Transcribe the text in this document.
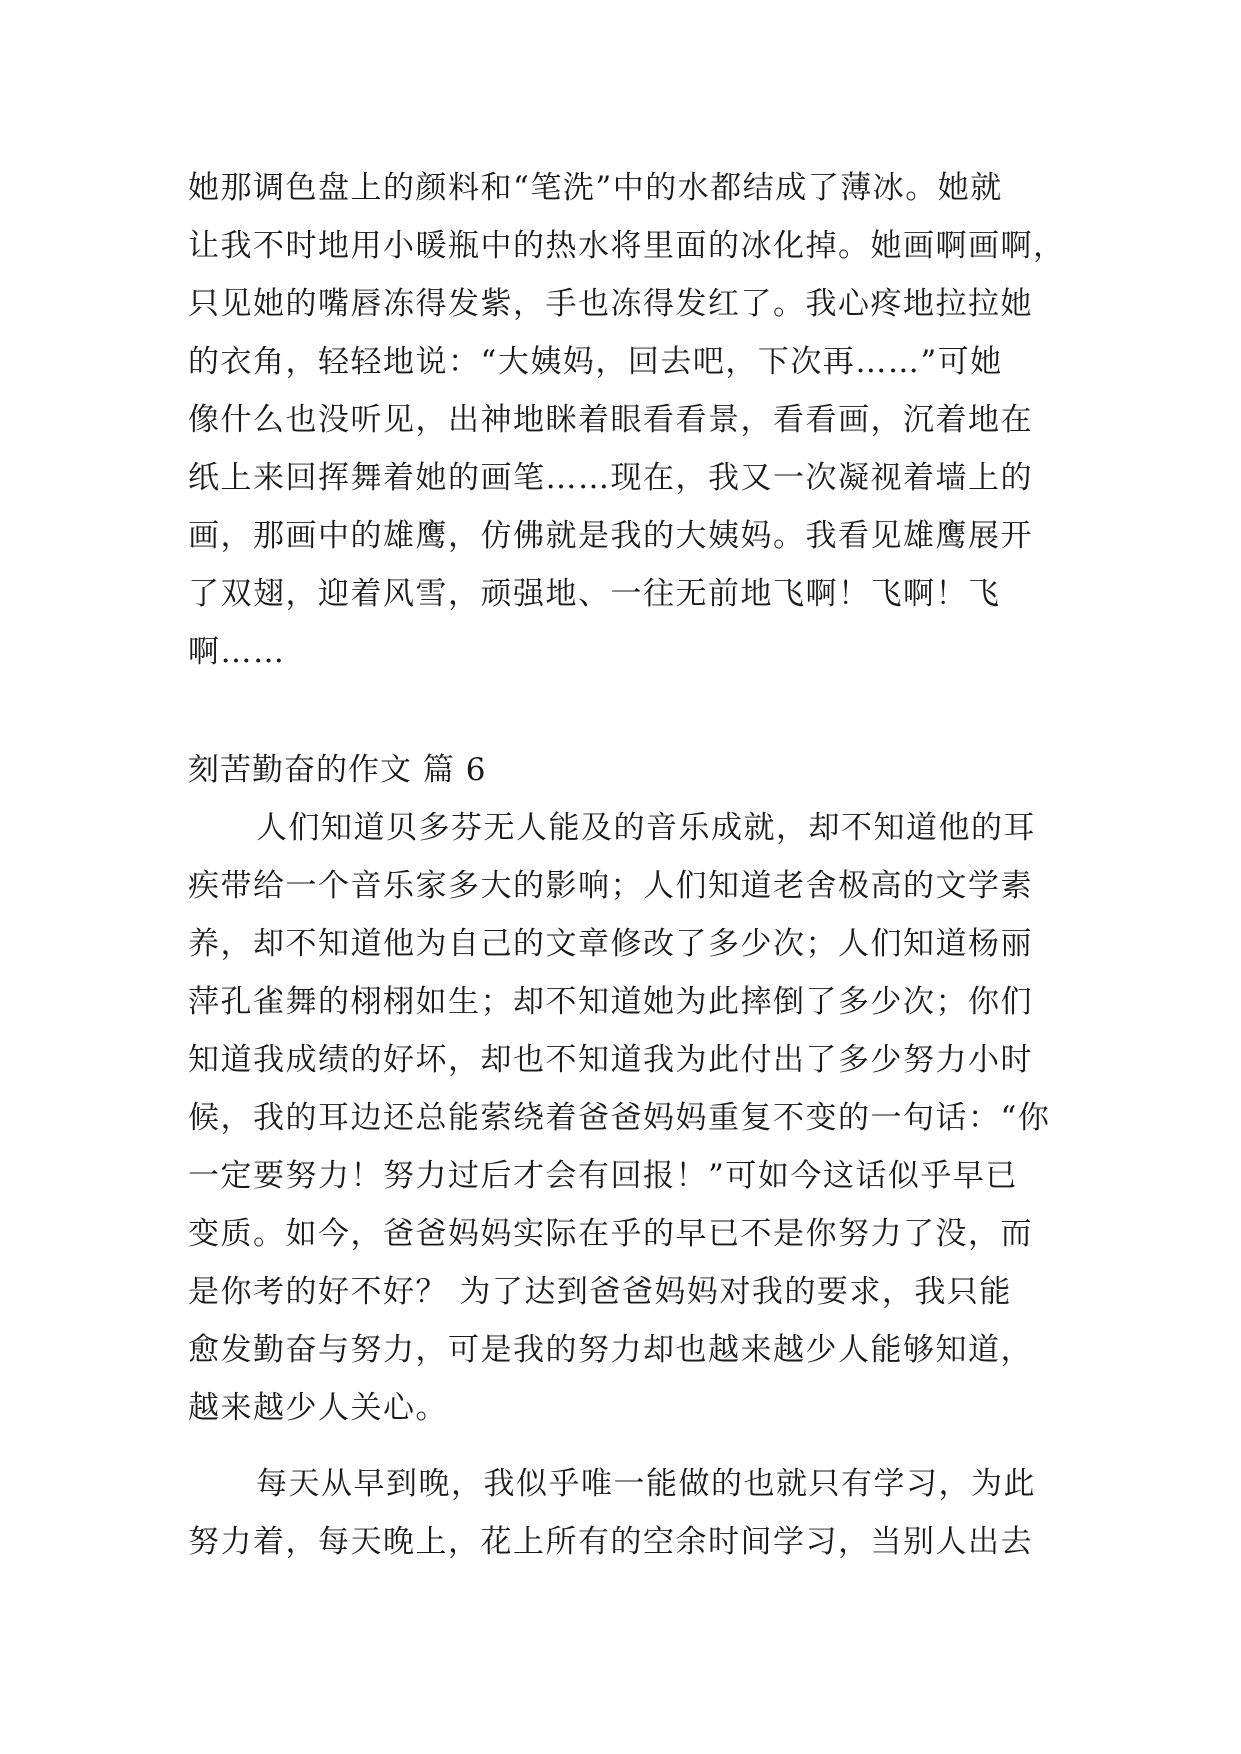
她那调色盘上的颜料和“笔洗”中的水都结成了薄冰。她就
让我不时地用小暖瓶中的热水将里面的冰化掉。她画啊画啊，
只见她的嘴唇冻得发紫，手也冻得发红了。我心疼地拉拉她
的衣角，轻轻地说：“大姨妈，回去吧，下次再……”可她
像什么也没听见，出神地眯着眼看看景，看看画，沉着地在
纸上来回挥舞着她的画笔……现在，我又一次凝视着墙上的
画，那画中的雄鹰，仿佛就是我的大姨妈。我看见雄鹰展开
了双翅，迎着风雪，顽强地、一往无前地飞啊！飞啊！飞
啊……
刻苦勤奋的作文 篇 6
人们知道贝多芬无人能及的音乐成就，却不知道他的耳
疾带给一个音乐家多大的影响；人们知道老舍极高的文学素
养，却不知道他为自己的文章修改了多少次；人们知道杨丽
萍孔雀舞的栩栩如生；却不知道她为此摔倒了多少次；你们
知道我成绩的好坏，却也不知道我为此付出了多少努力小时
候，我的耳边还总能萦绕着爸爸妈妈重复不变的一句话：“你
一定要努力！努力过后才会有回报！”可如今这话似乎早已
变质。如今，爸爸妈妈实际在乎的早已不是你努力了没，而
是你考的好不好？ 为了达到爸爸妈妈对我的要求，我只能
愈发勤奋与努力，可是我的努力却也越来越少人能够知道，
越来越少人关心。
每天从早到晚，我似乎唯一能做的也就只有学习，为此
努力着，每天晚上，花上所有的空余时间学习，当别人出去
